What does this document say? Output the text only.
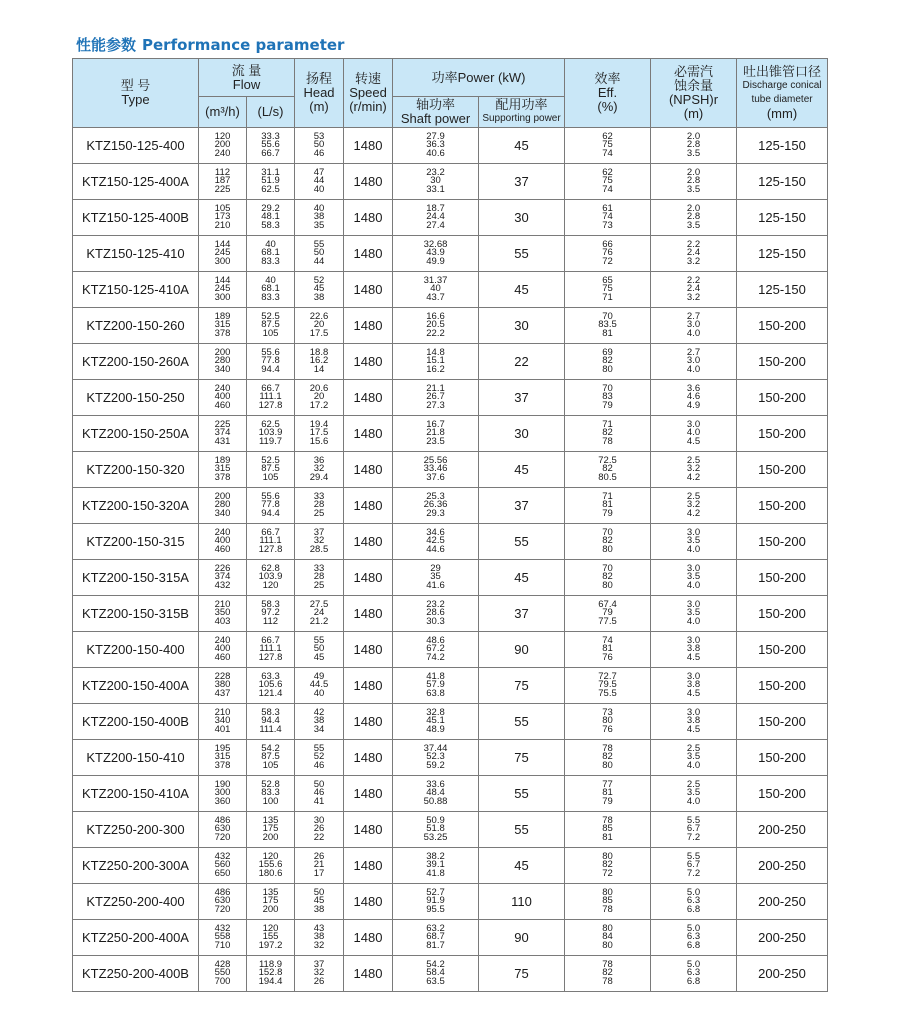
性能参数 Performance parameter
型 号
Type	流 量
Flow		扬程
Head
(m)	转速
Speed
(r/min)	功率Power (kW)		效率
Eff.
(%)	必需汽
蚀余量
(NPSH)r
(m)	吐出锥管口径
Discharge conical
tube diameter
(mm)

	(m³/h)	(L/s)			轴功率
Shaft power	配用功率
Supporting power			

KTZ150-125-400	120
200
240	33.3
55.6
66.7	53
50
46	1480	27.9
36.3
40.6	45	62
75
74	2.0
2.8
3.5	125-150
KTZ150-125-400A	112
187
225	31.1
51.9
62.5	47
44
40	1480	23.2
30
33.1	37	62
75
74	2.0
2.8
3.5	125-150
KTZ150-125-400B	105
173
210	29.2
48.1
58.3	40
38
35	1480	18.7
24.4
27.4	30	61
74
73	2.0
2.8
3.5	125-150
KTZ150-125-410	144
245
300	40
68.1
83.3	55
50
44	1480	32.68
43.9
49.9	55	66
76
72	2.2
2.4
3.2	125-150
KTZ150-125-410A	144
245
300	40
68.1
83.3	52
45
38	1480	31.37
40
43.7	45	65
75
71	2.2
2.4
3.2	125-150
KTZ200-150-260	189
315
378	52.5
87.5
105	22.6
20
17.5	1480	16.6
20.5
22.2	30	70
83.5
81	2.7
3.0
4.0	150-200
KTZ200-150-260A	200
280
340	55.6
77.8
94.4	18.8
16.2
14	1480	14.8
15.1
16.2	22	69
82
80	2.7
3.0
4.0	150-200
KTZ200-150-250	240
400
460	66.7
111.1
127.8	20.6
20
17.2	1480	21.1
26.7
27.3	37	70
83
79	3.6
4.6
4.9	150-200
KTZ200-150-250A	225
374
431	62.5
103.9
119.7	19.4
17.5
15.6	1480	16.7
21.8
23.5	30	71
82
78	3.0
4.0
4.5	150-200
KTZ200-150-320	189
315
378	52.5
87.5
105	36
32
29.4	1480	25.56
33.46
37.6	45	72.5
82
80.5	2.5
3.2
4.2	150-200
KTZ200-150-320A	200
280
340	55.6
77.8
94.4	33
28
25	1480	25.3
26.36
29.3	37	71
81
79	2.5
3.2
4.2	150-200
KTZ200-150-315	240
400
460	66.7
111.1
127.8	37
32
28.5	1480	34.6
42.5
44.6	55	70
82
80	3.0
3.5
4.0	150-200
KTZ200-150-315A	226
374
432	62.8
103.9
120	33
28
25	1480	29
35
41.6	45	70
82
80	3.0
3.5
4.0	150-200
KTZ200-150-315B	210
350
403	58.3
97.2
112	27.5
24
21.2	1480	23.2
28.6
30.3	37	67.4
79
77.5	3.0
3.5
4.0	150-200
KTZ200-150-400	240
400
460	66.7
111.1
127.8	55
50
45	1480	48.6
67.2
74.2	90	74
81
76	3.0
3.8
4.5	150-200
KTZ200-150-400A	228
380
437	63.3
105.6
121.4	49
44.5
40	1480	41.8
57.9
63.8	75	72.7
79.5
75.5	3.0
3.8
4.5	150-200
KTZ200-150-400B	210
340
401	58.3
94.4
111.4	42
38
34	1480	32.8
45.1
48.9	55	73
80
76	3.0
3.8
4.5	150-200
KTZ200-150-410	195
315
378	54.2
87.5
105	55
52
46	1480	37.44
52.3
59.2	75	78
82
80	2.5
3.5
4.0	150-200
KTZ200-150-410A	190
300
360	52.8
83.3
100	50
46
41	1480	33.6
48.4
50.88	55	77
81
79	2.5
3.5
4.0	150-200
KTZ250-200-300	486
630
720	135
175
200	30
26
22	1480	50.9
51.8
53.25	55	78
85
81	5.5
6.7
7.2	200-250
KTZ250-200-300A	432
560
650	120
155.6
180.6	26
21
17	1480	38.2
39.1
41.8	45	80
82
72	5.5
6.7
7.2	200-250
KTZ250-200-400	486
630
720	135
175
200	50
45
38	1480	52.7
91.9
95.5	110	80
85
78	5.0
6.3
6.8	200-250
KTZ250-200-400A	432
558
710	120
155
197.2	43
38
32	1480	63.2
68.7
81.7	90	80
84
80	5.0
6.3
6.8	200-250
KTZ250-200-400B	428
550
700	118.9
152.8
194.4	37
32
26	1480	54.2
58.4
63.5	75	78
82
78	5.0
6.3
6.8	200-250
